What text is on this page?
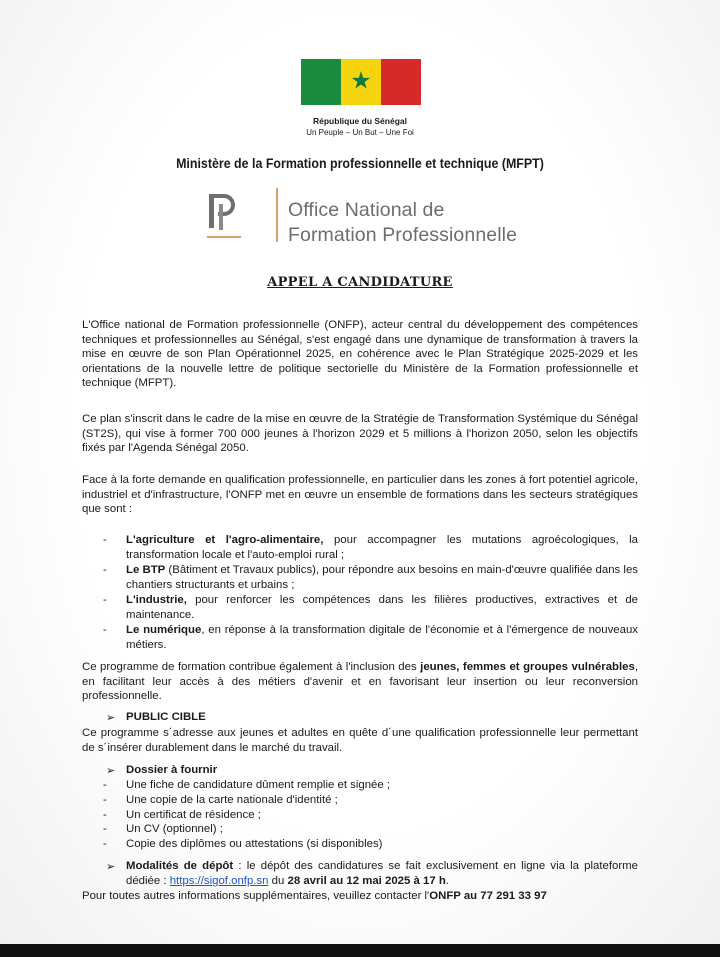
★
République du Sénégal
Un Peuple – Un But – Une Foi
Ministère de la Formation professionnelle et technique (MFPT)
Office National de
Formation Professionnelle
APPEL A CANDIDATURE

L'Office national de Formation professionnelle (ONFP), acteur central du développement des compétences techniques et professionnelles au Sénégal, s'est engagé dans une dynamique de transformation à travers la mise en œuvre de son Plan Opérationnel 2025, en cohérence avec le Plan Stratégique 2025-2029 et les orientations de la nouvelle lettre de politique sectorielle du Ministère de la Formation professionnelle et technique (MFPT).

Ce plan s'inscrit dans le cadre de la mise en œuvre de la Stratégie de Transformation Systémique du Sénégal (ST2S), qui vise à former 700 000 jeunes à l'horizon 2029 et 5 millions à l'horizon 2050, selon les objectifs fixés par l'Agenda Sénégal 2050.

Face à la forte demande en qualification professionnelle, en particulier dans les zones à fort potentiel agricole, industriel et d'infrastructure, l'ONFP met en œuvre un ensemble de formations dans les secteurs stratégiques que sont :

- L'agriculture et l'agro-alimentaire, pour accompagner les mutations agroécologiques, la transformation locale et l'auto-emploi rural ;
- Le BTP (Bâtiment et Travaux publics), pour répondre aux besoins en main-d'œuvre qualifiée dans les chantiers structurants et urbains ;
- L'industrie, pour renforcer les compétences dans les filières productives, extractives et de maintenance.
- Le numérique, en réponse à la transformation digitale de l'économie et à l'émergence de nouveaux métiers.

Ce programme de formation contribue également à l'inclusion des jeunes, femmes et groupes vulnérables, en facilitant leur accès à des métiers d'avenir et en favorisant leur insertion ou leur reconversion professionnelle.

➢ PUBLIC CIBLE

Ce programme s´adresse aux jeunes et adultes en quête d´une qualification professionnelle leur permettant de s´insérer durablement dans le marché du travail.

➢ Dossier à fournir
- Une fiche de candidature dûment remplie et signée ;
- Une copie de la carte nationale d'identité ;
- Un certificat de résidence ;
- Un CV (optionnel) ;
- Copie des diplômes ou attestations (si disponibles)
➢ Modalités de dépôt : le dépôt des candidatures se fait exclusivement en ligne via la plateforme dédiée : https://sigof.onfp.sn du 28 avril au 12 mai 2025 à 17 h.

Pour toutes autres informations supplémentaires, veuillez contacter l'ONFP au 77 291 33 97
